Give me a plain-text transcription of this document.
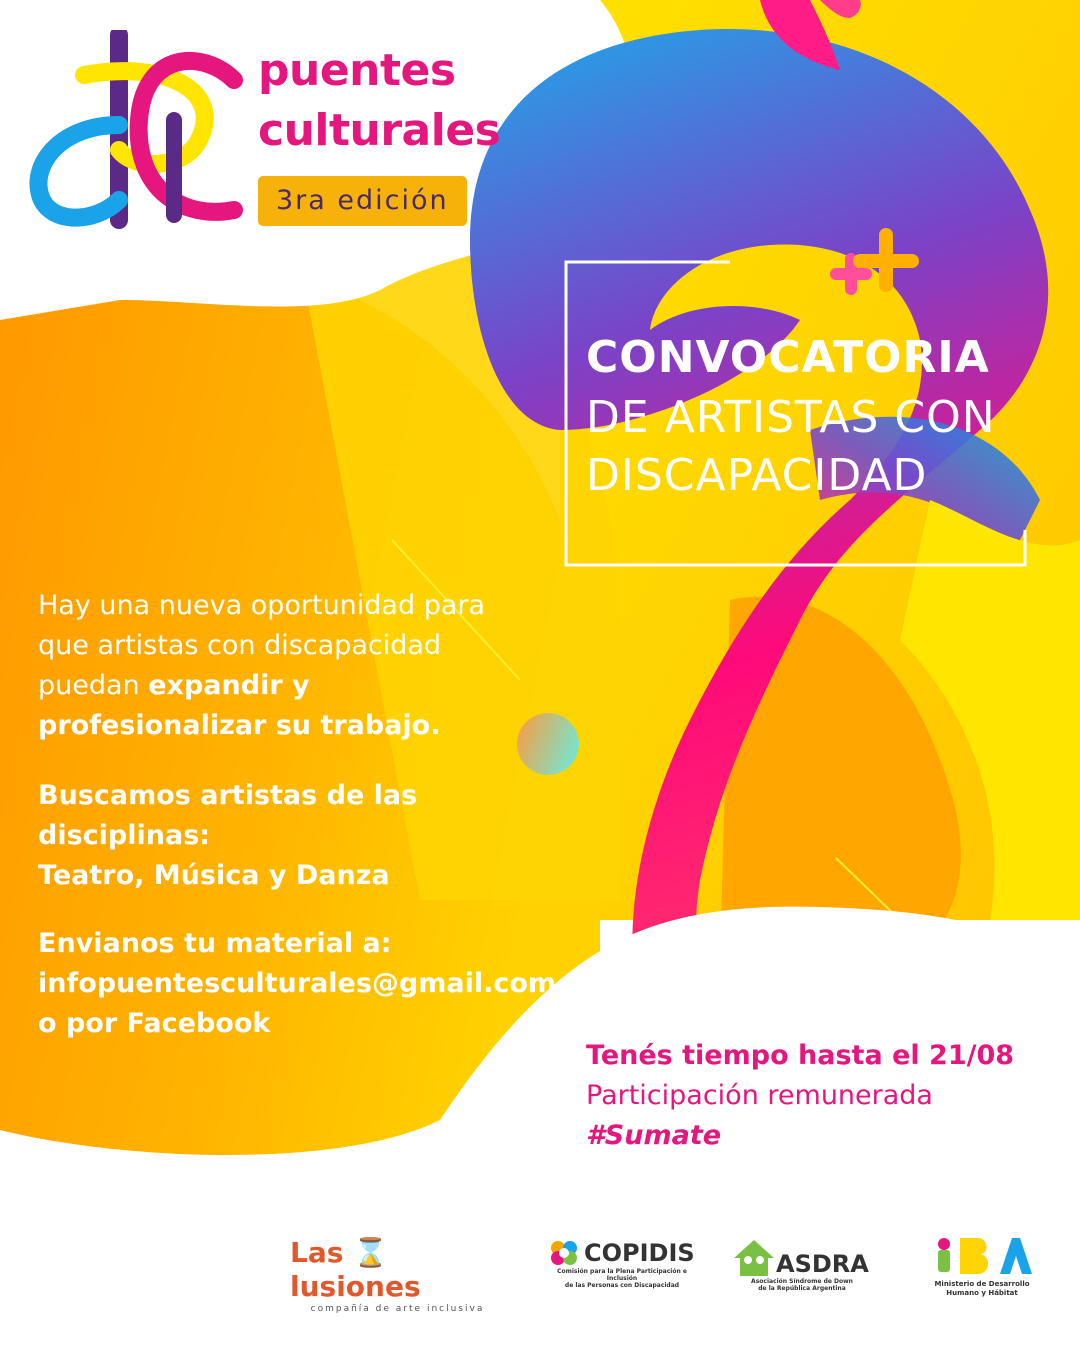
puentes
culturales
3ra edición
CONVOCATORIA
DE ARTISTAS CON
DISCAPACIDAD
Hay una nueva oportunidad para
que artistas con discapacidad
puedan expandir y
profesionalizar su trabajo.
Buscamos artistas de las
disciplinas:
Teatro, Música y Danza
Envianos tu material a:
infopuentesculturales@gmail.com
o por Facebook
Tenés tiempo hasta el 21/08
Participación remunerada
#Sumate
Las ⌛lusiones
compañía de arte inclusiva
COPIDIS
Comisión para la Plena Participación e Inclusión
de las Personas con Discapacidad
ASDRA
Asociación Síndrome de Down
de la República Argentina
Ministerio de Desarrollo
Humano y Hábitat
